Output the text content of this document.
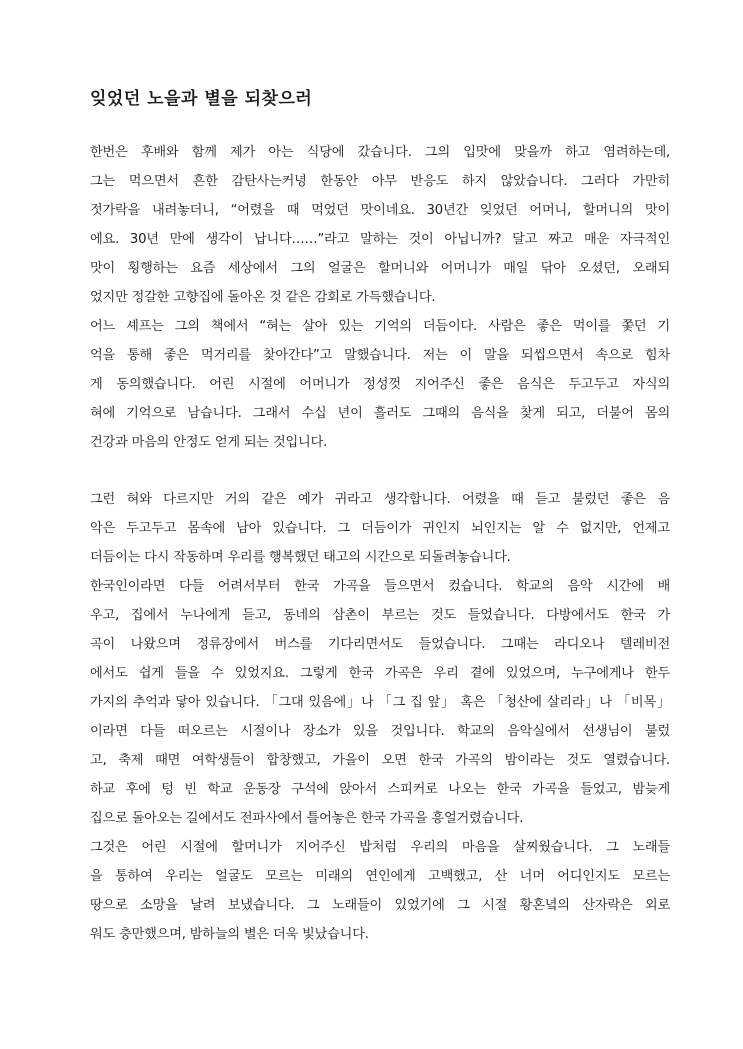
잊었던 노을과 별을 되찾으러
한번은 후배와 함께 제가 아는 식당에 갔습니다. 그의 입맛에 맞을까 하고 염려하는데,
그는 먹으면서 흔한 감탄사는커녕 한동안 아무 반응도 하지 않았습니다. 그러다 가만히
젓가락을 내려놓더니, “어렸을 때 먹었던 맛이네요. 30년간 잊었던 어머니, 할머니의 맛이
에요. 30년 만에 생각이 납니다……”라고 말하는 것이 아닙니까? 달고 짜고 매운 자극적인
맛이 횡행하는 요즘 세상에서 그의 얼굴은 할머니와 어머니가 매일 닦아 오셨던, 오래되
었지만 정갈한 고향집에 돌아온 것 같은 감회로 가득했습니다.
어느 셰프는 그의 책에서 “혀는 살아 있는 기억의 더듬이다. 사람은 좋은 먹이를 쫓던 기
억을 통해 좋은 먹거리를 찾아간다”고 말했습니다. 저는 이 말을 되씹으면서 속으로 힘차
게 동의했습니다. 어린 시절에 어머니가 정성껏 지어주신 좋은 음식은 두고두고 자식의
혀에 기억으로 남습니다. 그래서 수십 년이 흘러도 그때의 음식을 찾게 되고, 더불어 몸의
건강과 마음의 안정도 얻게 되는 것입니다.
그런 혀와 다르지만 거의 같은 예가 귀라고 생각합니다. 어렸을 때 듣고 불렀던 좋은 음
악은 두고두고 몸속에 남아 있습니다. 그 더듬이가 귀인지 뇌인지는 알 수 없지만, 언제고
더듬이는 다시 작동하며 우리를 행복했던 태고의 시간으로 되돌려놓습니다.
한국인이라면 다들 어려서부터 한국 가곡을 들으면서 컸습니다. 학교의 음악 시간에 배
우고, 집에서 누나에게 듣고, 동네의 삼촌이 부르는 것도 들었습니다. 다방에서도 한국 가
곡이 나왔으며 정류장에서 버스를 기다리면서도 들었습니다. 그때는 라디오나 텔레비전
에서도 쉽게 들을 수 있었지요. 그렇게 한국 가곡은 우리 곁에 있었으며, 누구에게나 한두
가지의 추억과 닿아 있습니다. 「그대 있음에」나 「그 집 앞」 혹은 「청산에 살리라」나 「비목」
이라면 다들 떠오르는 시절이나 장소가 있을 것입니다. 학교의 음악실에서 선생님이 불렀
고, 축제 때면 여학생들이 합창했고, 가을이 오면 한국 가곡의 밤이라는 것도 열렸습니다.
하교 후에 텅 빈 학교 운동장 구석에 앉아서 스피커로 나오는 한국 가곡을 들었고, 밤늦게
집으로 돌아오는 길에서도 전파사에서 틀어놓은 한국 가곡을 흥얼거렸습니다.
그것은 어린 시절에 할머니가 지어주신 밥처럼 우리의 마음을 살찌웠습니다. 그 노래들
을 통하여 우리는 얼굴도 모르는 미래의 연인에게 고백했고, 산 너머 어디인지도 모르는
땅으로 소망을 날려 보냈습니다. 그 노래들이 있었기에 그 시절 황혼녘의 산자락은 외로
워도 충만했으며, 밤하늘의 별은 더욱 빛났습니다.
